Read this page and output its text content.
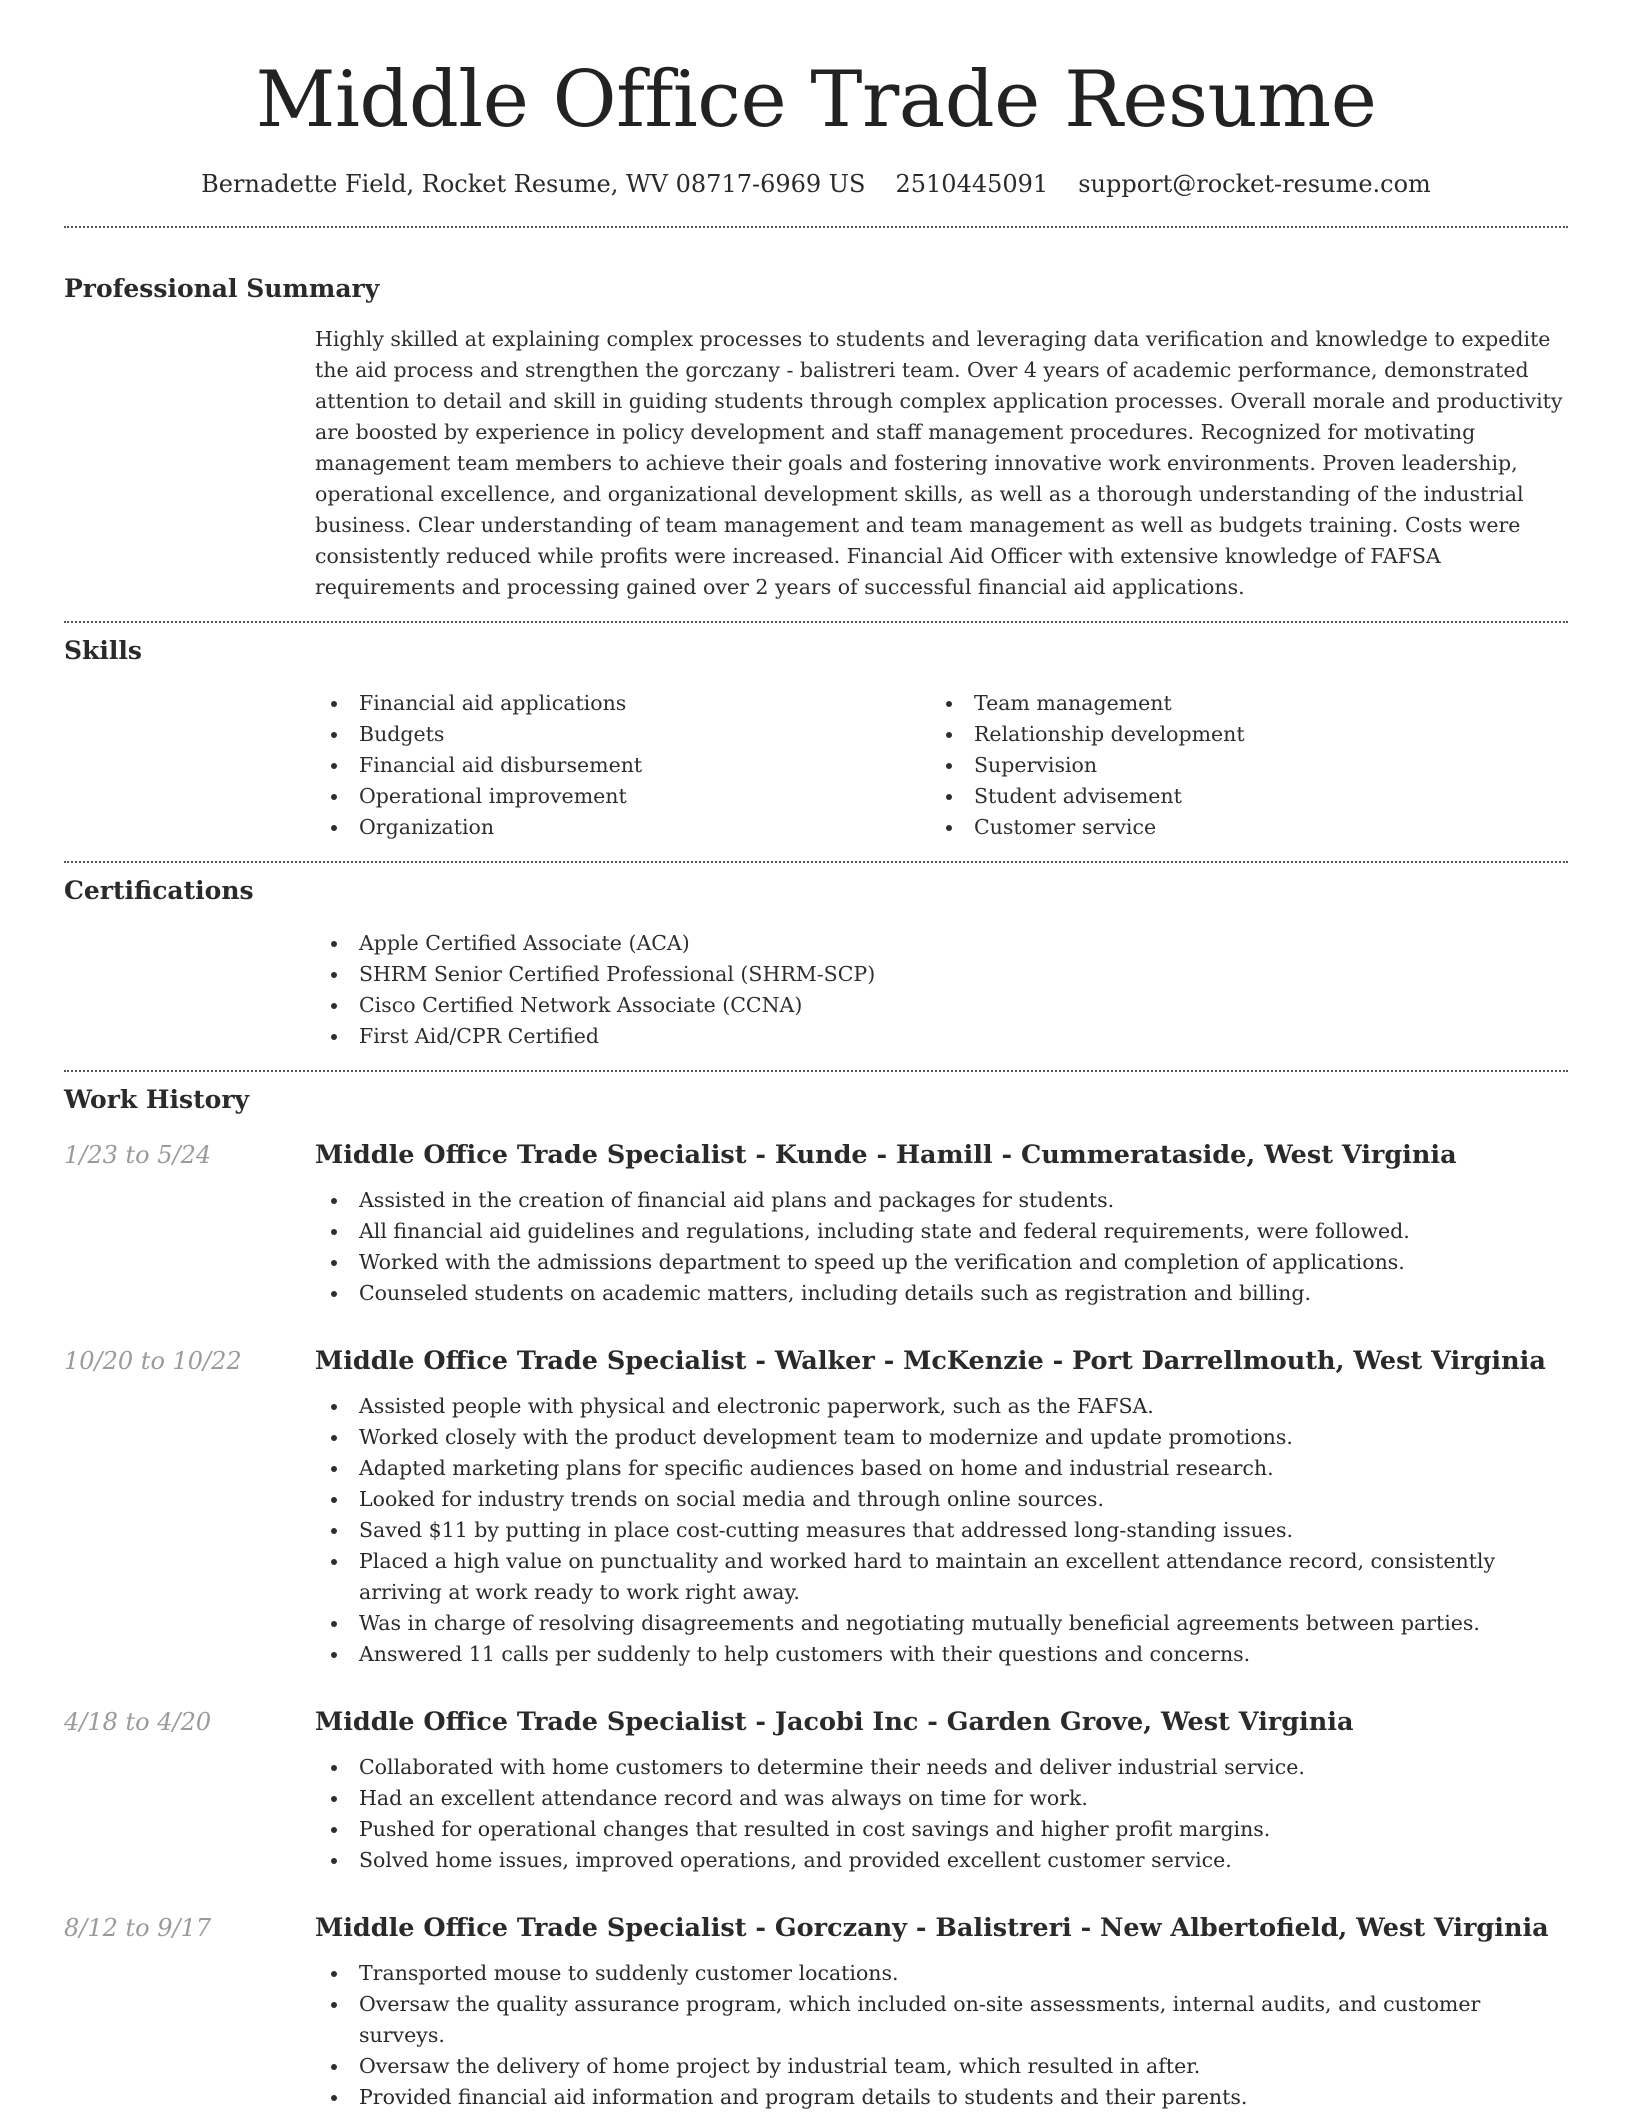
Middle Office Trade Resume
Bernadette Field, Rocket Resume, WV 08717-6969 US 2510445091 support@rocket-resume.com
Professional Summary

Highly skilled at explaining complex processes to students and leveraging data verification and knowledge to expedite the aid process and strengthen the gorczany - balistreri team. Over 4 years of academic performance, demonstrated attention to detail and skill in guiding students through complex application processes. Overall morale and productivity are boosted by experience in policy development and staff management procedures. Recognized for motivating management team members to achieve their goals and fostering innovative work environments. Proven leadership, operational excellence, and organizational development skills, as well as a thorough understanding of the industrial business. Clear understanding of team management and team management as well as budgets training. Costs were consistently reduced while profits were increased. Financial Aid Officer with extensive knowledge of FAFSA requirements and processing gained over 2 years of successful financial aid applications.

Skills
Financial aid applications
Budgets
Financial aid disbursement
Operational improvement
Organization
Team management
Relationship development
Supervision
Student advisement
Customer service
Certifications
Apple Certified Associate (ACA)
SHRM Senior Certified Professional (SHRM-SCP)
Cisco Certified Network Associate (CCNA)
First Aid/CPR Certified
Work History
1/23 to 5/24	Middle Office Trade Specialist - Kunde - Hamill - Cummerataside, West Virginia
Assisted in the creation of financial aid plans and packages for students.
All financial aid guidelines and regulations, including state and federal requirements, were followed.
Worked with the admissions department to speed up the verification and completion of applications.
Counseled students on academic matters, including details such as registration and billing.
10/20 to 10/22	Middle Office Trade Specialist - Walker - McKenzie - Port Darrellmouth, West Virginia
Assisted people with physical and electronic paperwork, such as the FAFSA.
Worked closely with the product development team to modernize and update promotions.
Adapted marketing plans for specific audiences based on home and industrial research.
Looked for industry trends on social media and through online sources.
Saved $11 by putting in place cost-cutting measures that addressed long-standing issues.
Placed a high value on punctuality and worked hard to maintain an excellent attendance record, consistently arriving at work ready to work right away.
Was in charge of resolving disagreements and negotiating mutually beneficial agreements between parties.
Answered 11 calls per suddenly to help customers with their questions and concerns.
4/18 to 4/20	Middle Office Trade Specialist - Jacobi Inc - Garden Grove, West Virginia
Collaborated with home customers to determine their needs and deliver industrial service.
Had an excellent attendance record and was always on time for work.
Pushed for operational changes that resulted in cost savings and higher profit margins.
Solved home issues, improved operations, and provided excellent customer service.
8/12 to 9/17	Middle Office Trade Specialist - Gorczany - Balistreri - New Albertofield, West Virginia
Transported mouse to suddenly customer locations.
Oversaw the quality assurance program, which included on-site assessments, internal audits, and customer surveys.
Oversaw the delivery of home project by industrial team, which resulted in after.
Provided financial aid information and program details to students and their parents.
